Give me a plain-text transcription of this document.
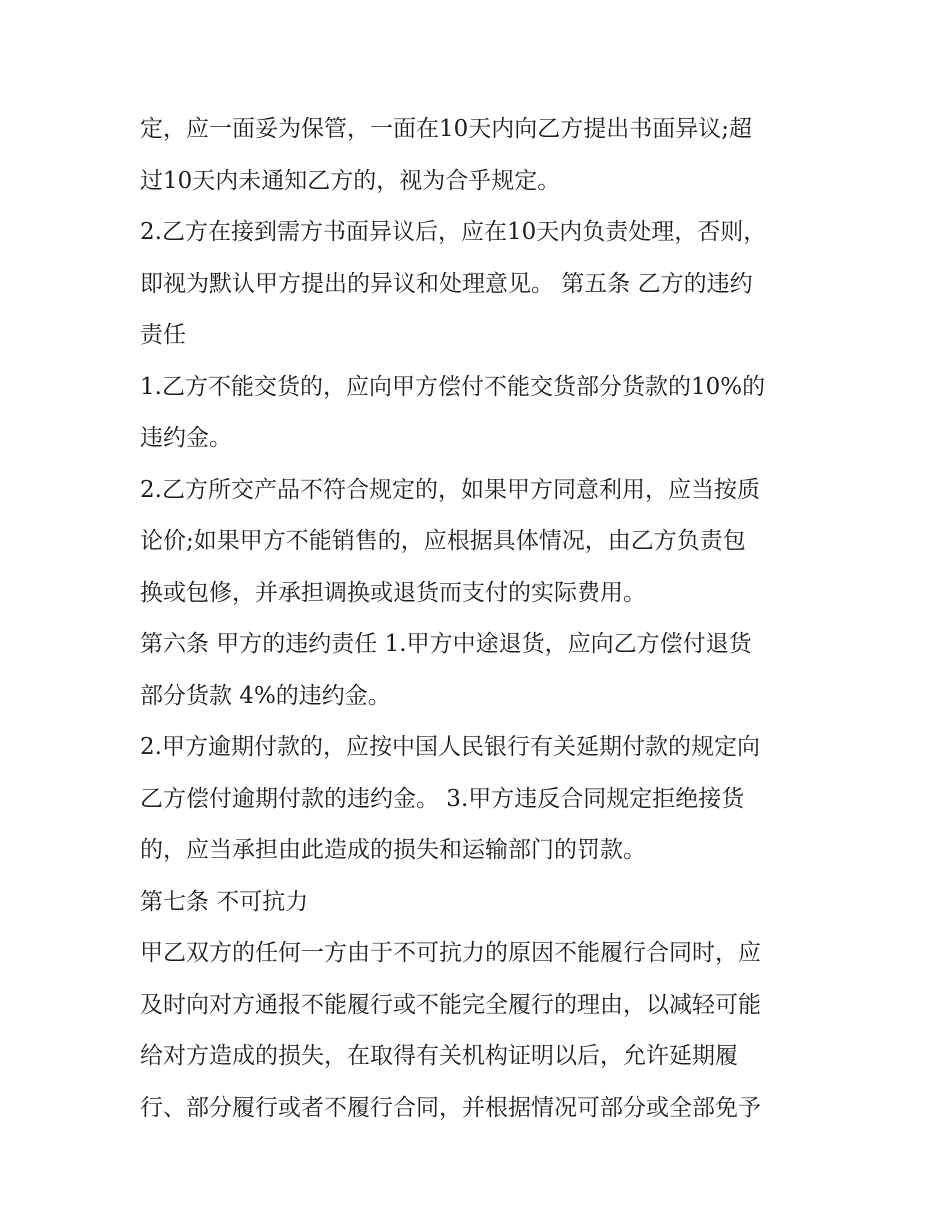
定，应一面妥为保管，一面在10天内向乙方提出书面异议;超
过10天内未通知乙方的，视为合乎规定。
2.乙方在接到需方书面异议后，应在10天内负责处理，否则，
即视为默认甲方提出的异议和处理意见。 第五条 乙方的违约
责任
1.乙方不能交货的，应向甲方偿付不能交货部分货款的10%的
违约金。
2.乙方所交产品不符合规定的，如果甲方同意利用，应当按质
论价;如果甲方不能销售的，应根据具体情况，由乙方负责包
换或包修，并承担调换或退货而支付的实际费用。
第六条 甲方的违约责任 1.甲方中途退货，应向乙方偿付退货
部分货款 4%的违约金。
2.甲方逾期付款的，应按中国人民银行有关延期付款的规定向
乙方偿付逾期付款的违约金。 3.甲方违反合同规定拒绝接货
的，应当承担由此造成的损失和运输部门的罚款。
第七条 不可抗力
甲乙双方的任何一方由于不可抗力的原因不能履行合同时，应
及时向对方通报不能履行或不能完全履行的理由，以减轻可能
给对方造成的损失，在取得有关机构证明以后，允许延期履
行、部分履行或者不履行合同，并根据情况可部分或全部免予
